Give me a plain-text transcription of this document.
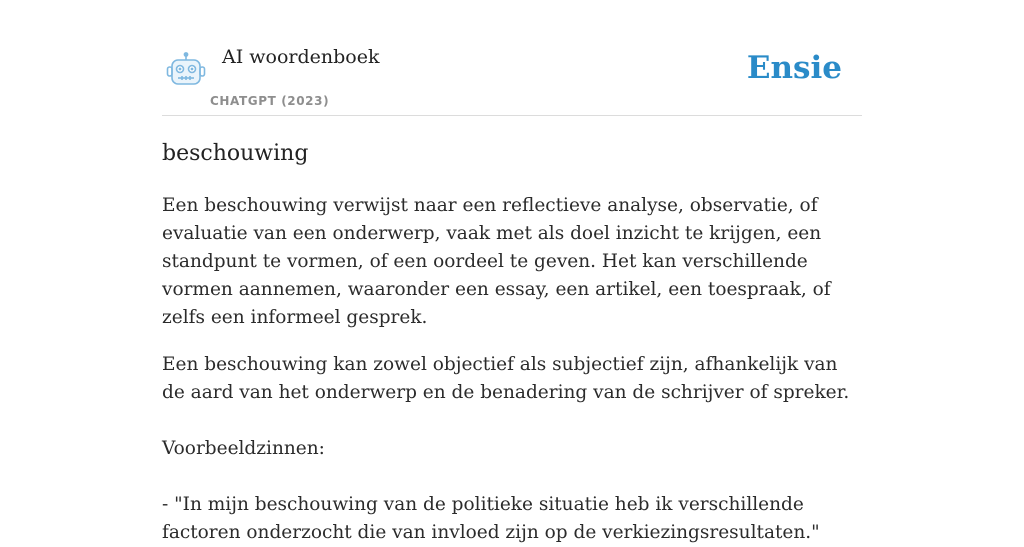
AI woordenboek
CHATGPT (2023)
Ensie
beschouwing

Een beschouwing verwijst naar een reflectieve analyse, observatie, of evaluatie van een onderwerp, vaak met als doel inzicht te krijgen, een standpunt te vormen, of een oordeel te geven. Het kan verschillende vormen aannemen, waaronder een essay, een artikel, een toespraak, of zelfs een informeel gesprek.

Een beschouwing kan zowel objectief als subjectief zijn, afhankelijk van de aard van het onderwerp en de benadering van de schrijver of spreker.

Voorbeeldzinnen:

- "In mijn beschouwing van de politieke situatie heb ik verschillende factoren onderzocht die van invloed zijn op de verkiezingsresultaten."
